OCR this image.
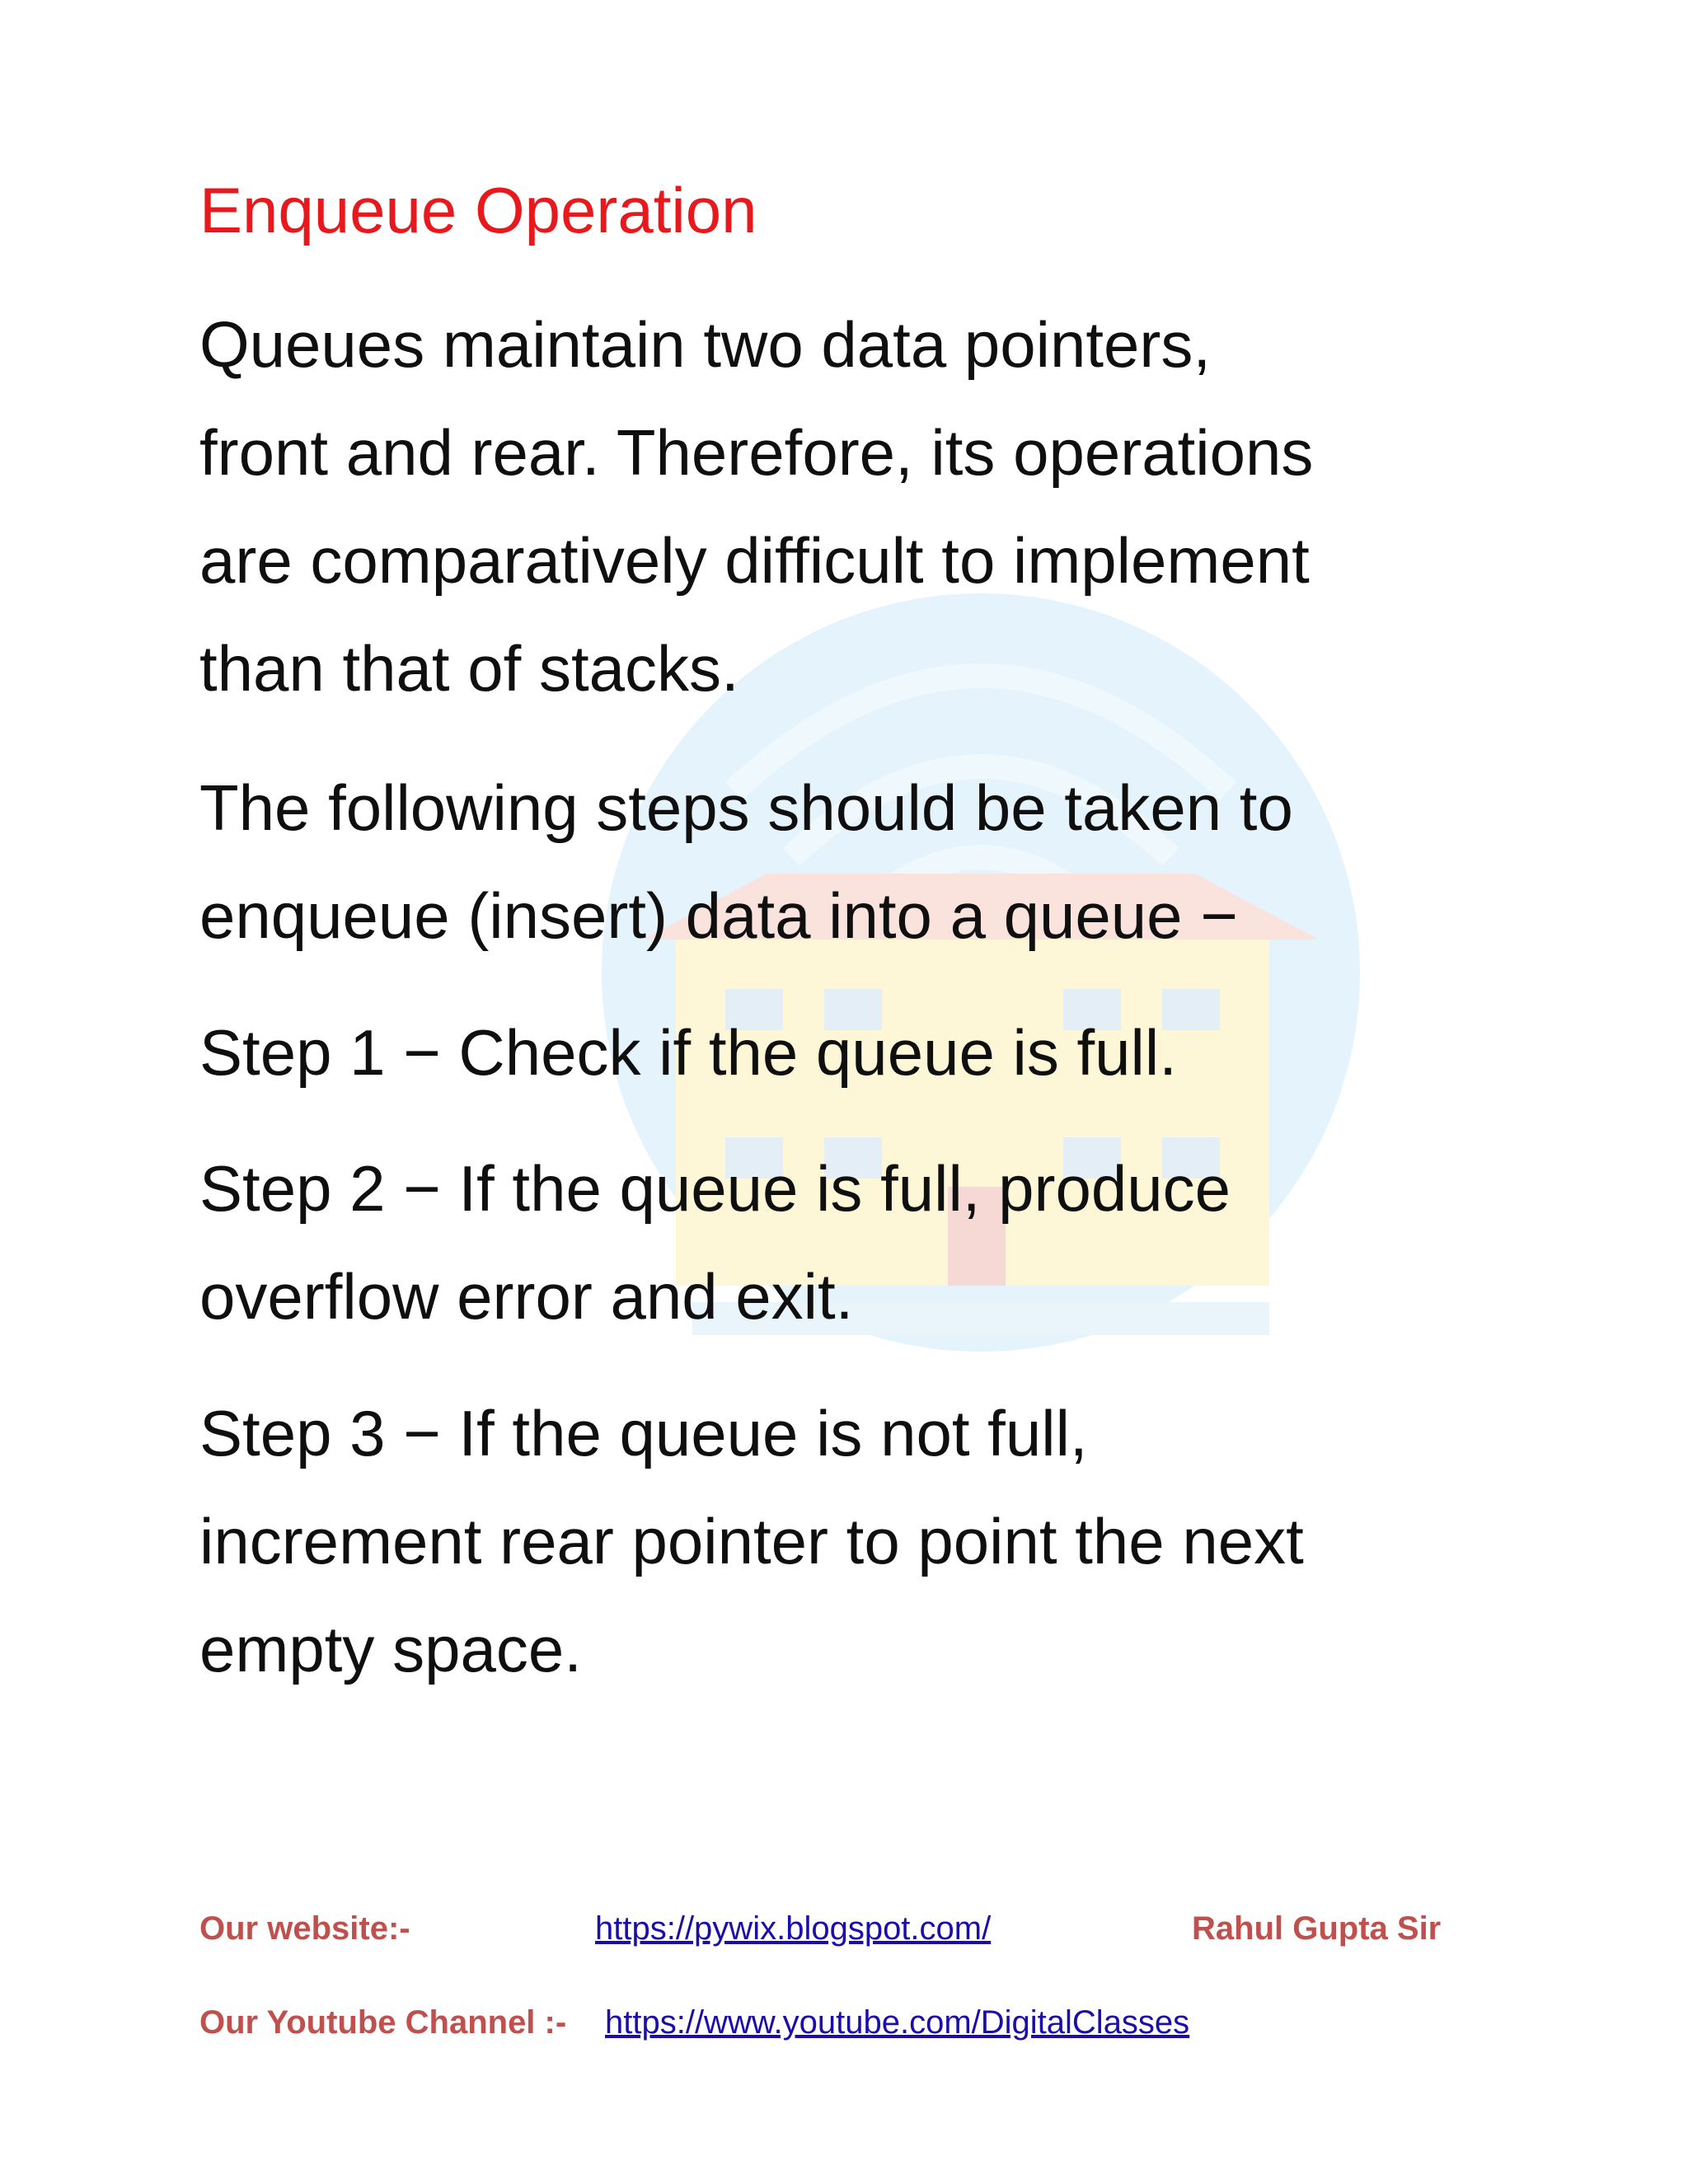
Enqueue Operation
Queues maintain two data pointers,
front and rear. Therefore, its operations
are comparatively difficult to implement
than that of stacks.
The following steps should be taken to
enqueue (insert) data into a queue −
Step 1 − Check if the queue is full.
Step 2 − If the queue is full, produce
overflow error and exit.
Step 3 − If the queue is not full,
increment rear pointer to point the next
empty space.
Our website:-	https://pywix.blogspot.com/	Rahul Gupta Sir
Our Youtube Channel :- https://www.youtube.com/DigitalClasses
